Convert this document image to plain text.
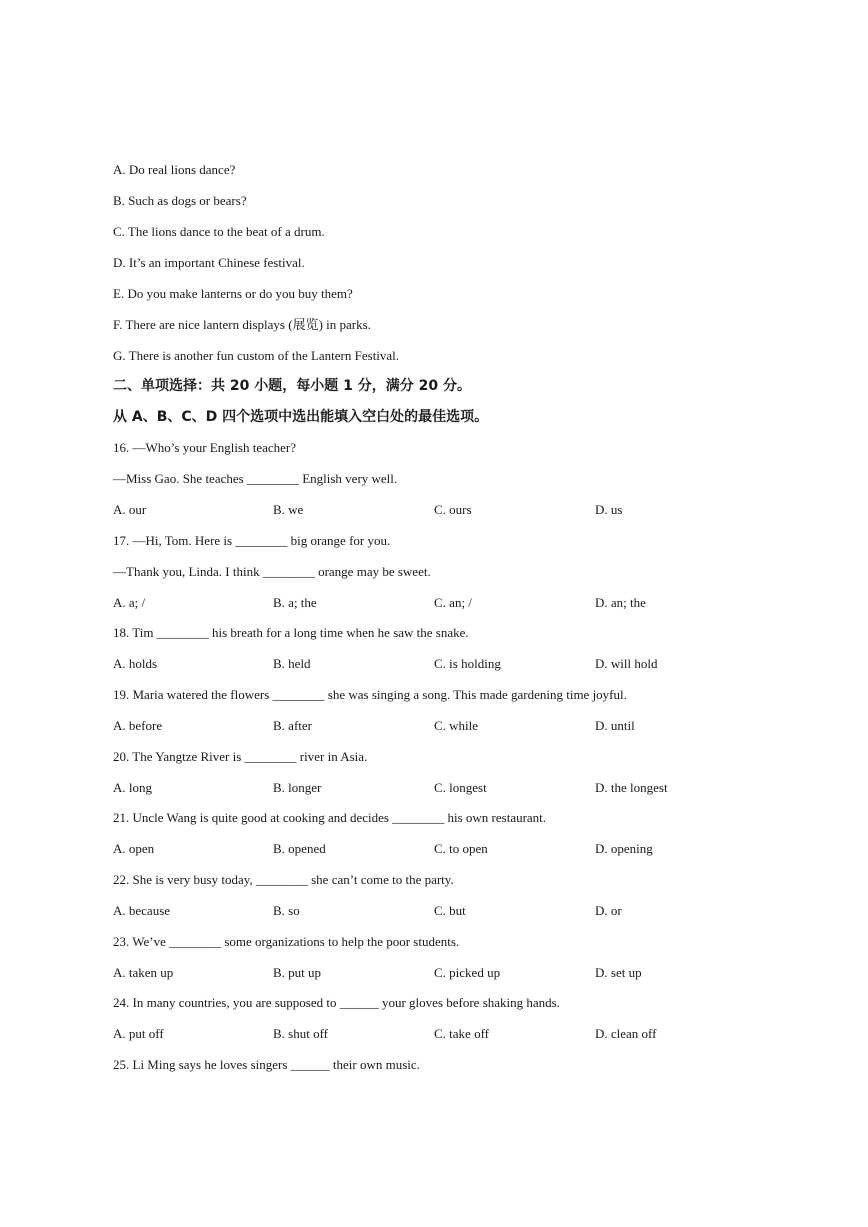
A. Do real lions dance?
B. Such as dogs or bears?
C. The lions dance to the beat of a drum.
D. It’s an important Chinese festival.
E. Do you make lanterns or do you buy them?
F. There are nice lantern displays (展览) in parks.
G. There is another fun custom of the Lantern Festival.
二、单项选择：共 20 小题，每小题 1 分，满分 20 分。
从 A、B、C、D 四个选项中选出能填入空白处的最佳选项。
16. —Who’s your English teacher?
—Miss Gao. She teaches ________ English very well.
A. our	B. we	C. ours	D. us
17. —Hi, Tom. Here is ________ big orange for you.
—Thank you, Linda. I think ________ orange may be sweet.
A. a; /	B. a; the	C. an; /	D. an; the
18. Tim ________ his breath for a long time when he saw the snake.
A. holds	B. held	C. is holding	D. will hold
19. Maria watered the flowers ________ she was singing a song. This made gardening time joyful.
A. before	B. after	C. while	D. until
20. The Yangtze River is ________ river in Asia.
A. long	B. longer	C. longest	D. the longest
21. Uncle Wang is quite good at cooking and decides ________ his own restaurant.
A. open	B. opened	C. to open	D. opening
22. She is very busy today, ________ she can’t come to the party.
A. because	B. so	C. but	D. or
23. We’ve ________ some organizations to help the poor students.
A. taken up	B. put up	C. picked up	D. set up
24. In many countries, you are supposed to ______ your gloves before shaking hands.
A. put off	B. shut off	C. take off	D. clean off
25. Li Ming says he loves singers ______ their own music.
